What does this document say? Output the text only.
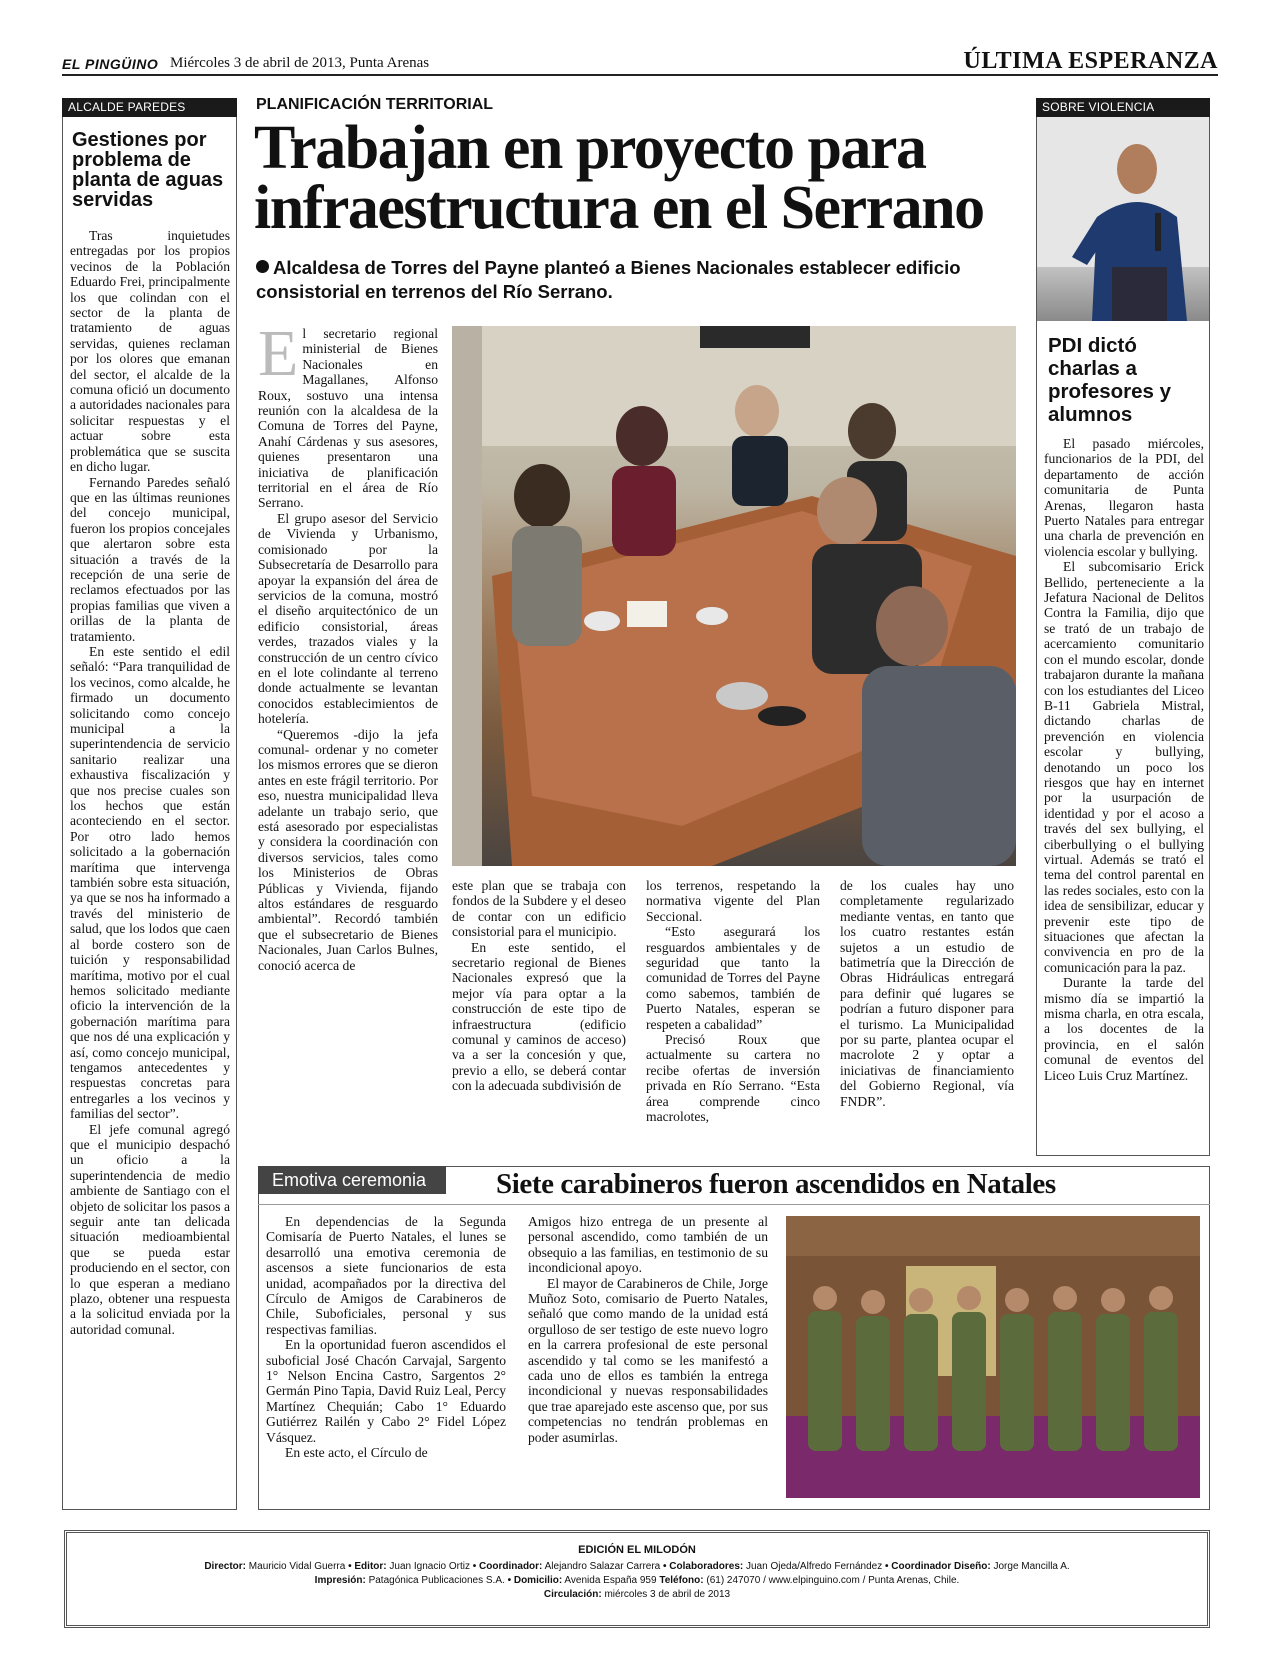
EL PINGÜINO Miércoles 3 de abril de 2013, Punta Arenas	ÚLTIMA ESPERANZA
ALCALDE PAREDES
Gestiones por problema de planta de aguas servidas

Tras inquietudes entregadas por los propios vecinos de la Población Eduardo Frei, principalmente los que colindan con el sector de la planta de tratamiento de aguas servidas, quienes reclaman por los olores que emanan del sector, el alcalde de la comuna ofició un documento a autoridades nacionales para solicitar respuestas y el actuar sobre esta problemática que se suscita en dicho lugar.

Fernando Paredes señaló que en las últimas reuniones del concejo municipal, fueron los propios concejales que alertaron sobre esta situación a través de la recepción de una serie de reclamos efectuados por las propias familias que viven a orillas de la planta de tratamiento.

En este sentido el edil señaló: “Para tranquilidad de los vecinos, como alcalde, he firmado un documento solicitando como concejo municipal a la superintendencia de servicio sanitario realizar una exhaustiva fiscalización y que nos precise cuales son los hechos que están aconteciendo en el sector. Por otro lado hemos solicitado a la gobernación marítima que intervenga también sobre esta situación, ya que se nos ha informado a través del ministerio de salud, que los lodos que caen al borde costero son de tuición y responsabilidad marítima, motivo por el cual hemos solicitado mediante oficio la intervención de la gobernación marítima para que nos dé una explicación y así, como concejo municipal, tengamos antecedentes y respuestas concretas para entregarles a los vecinos y familias del sector”.

El jefe comunal agregó que el municipio despachó un oficio a la superintendencia de medio ambiente de Santiago con el objeto de solicitar los pasos a seguir ante tan delicada situación medioambiental que se pueda estar produciendo en el sector, con lo que esperan a mediano plazo, obtener una respuesta a la solicitud enviada por la autoridad comunal.

PLANIFICACIÓN TERRITORIAL
Trabajan en proyecto para infraestructura en el Serrano
Alcaldesa de Torres del Payne planteó a Bienes Nacionales establecer edificio consistorial en terrenos del Río Serrano.
E l secretario regional ministerial de Bienes Nacionales en Magallanes, Alfonso Roux, sostuvo una intensa reunión con la alcaldesa de la Comuna de Torres del Payne, Anahí Cárdenas y sus asesores, quienes presentaron una iniciativa de planificación territorial en el área de Río Serrano.

El grupo asesor del Servicio de Vivienda y Urbanismo, comisionado por la Subsecretaría de Desarrollo para apoyar la expansión del área de servicios de la comuna, mostró el diseño arquitectónico de un edificio consistorial, áreas verdes, trazados viales y la construcción de un centro cívico en el lote colindante al terreno donde actualmente se levantan conocidos establecimientos de hotelería.

“Queremos -dijo la jefa comunal- ordenar y no cometer los mismos errores que se dieron antes en este frágil territorio. Por eso, nuestra municipalidad lleva adelante un trabajo serio, que está asesorado por especialistas y considera la coordinación con diversos servicios, tales como los Ministerios de Obras Públicas y Vivienda, fijando altos estándares de resguardo ambiental”. Recordó también que el subsecretario de Bienes Nacionales, Juan Carlos Bulnes, conoció acerca de

este plan que se trabaja con fondos de la Subdere y el deseo de contar con un edificio consistorial para el municipio.

En este sentido, el secretario regional de Bienes Nacionales expresó que la mejor vía para optar a la construcción de este tipo de infraestructura (edificio comunal y caminos de acceso) va a ser la concesión y que, previo a ello, se deberá contar con la adecuada subdivisión de

los terrenos, respetando la normativa vigente del Plan Seccional.

“Esto asegurará los resguardos ambientales y de seguridad que tanto la comunidad de Torres del Payne como sabemos, también de Puerto Natales, esperan se respeten a cabalidad”

Precisó Roux que actualmente su cartera no recibe ofertas de inversión privada en Río Serrano. “Esta área comprende cinco macrolotes,

de los cuales hay uno completamente regularizado mediante ventas, en tanto que los cuatro restantes están sujetos a un estudio de batimetría que la Dirección de Obras Hidráulicas entregará para definir qué lugares se podrían a futuro disponer para el turismo. La Municipalidad por su parte, plantea ocupar el macrolote 2 y optar a iniciativas de financiamiento del Gobierno Regional, vía FNDR”.

SOBRE VIOLENCIA
PDI dictó charlas a profesores y alumnos

El pasado miércoles, funcionarios de la PDI, del departamento de acción comunitaria de Punta Arenas, llegaron hasta Puerto Natales para entregar una charla de prevención en violencia escolar y bullying.

El subcomisario Erick Bellido, perteneciente a la Jefatura Nacional de Delitos Contra la Familia, dijo que se trató de un trabajo de acercamiento comunitario con el mundo escolar, donde trabajaron durante la mañana con los estudiantes del Liceo B-11 Gabriela Mistral, dictando charlas de prevención en violencia escolar y bullying, denotando un poco los riesgos que hay en internet por la usurpación de identidad y por el acoso a través del sex bullying, el ciberbullying o el bullying virtual. Además se trató el tema del control parental en las redes sociales, esto con la idea de sensibilizar, educar y prevenir este tipo de situaciones que afectan la convivencia en pro de la comunicación para la paz.

Durante la tarde del mismo día se impartió la misma charla, en otra escala, a los docentes de la provincia, en el salón comunal de eventos del Liceo Luis Cruz Martínez.

Emotiva ceremonia	Siete carabineros fueron ascendidos en Natales

En dependencias de la Segunda Comisaría de Puerto Natales, el lunes se desarrolló una emotiva ceremonia de ascensos a siete funcionarios de esta unidad, acompañados por la directiva del Círculo de Amigos de Carabineros de Chile, Suboficiales, personal y sus respectivas familias.

En la oportunidad fueron ascendidos el suboficial José Chacón Carvajal, Sargento 1° Nelson Encina Castro, Sargentos 2° Germán Pino Tapia, David Ruiz Leal, Percy Martínez Chequián; Cabo 1° Eduardo Gutiérrez Railén y Cabo 2° Fidel López Vásquez.

En este acto, el Círculo de

Amigos hizo entrega de un presente al personal ascendido, como también de un obsequio a las familias, en testimonio de su incondicional apoyo.

El mayor de Carabineros de Chile, Jorge Muñoz Soto, comisario de Puerto Natales, señaló que como mando de la unidad está orgulloso de ser testigo de este nuevo logro en la carrera profesional de este personal ascendido y tal como se les manifestó a cada uno de ellos es también la entrega incondicional y nuevas responsabilidades que trae aparejado este ascenso que, por sus competencias no tendrán problemas en poder asumirlas.

EDICIÓN EL MILODÓN
Director: Mauricio Vidal Guerra • Editor: Juan Ignacio Ortiz • Coordinador: Alejandro Salazar Carrera • Colaboradores: Juan Ojeda/Alfredo Fernández • Coordinador Diseño: Jorge Mancilla A.
Impresión: Patagónica Publicaciones S.A. • Domicilio: Avenida España 959 Teléfono: (61) 247070 / www.elpinguino.com / Punta Arenas, Chile.
Circulación: miércoles 3 de abril de 2013
